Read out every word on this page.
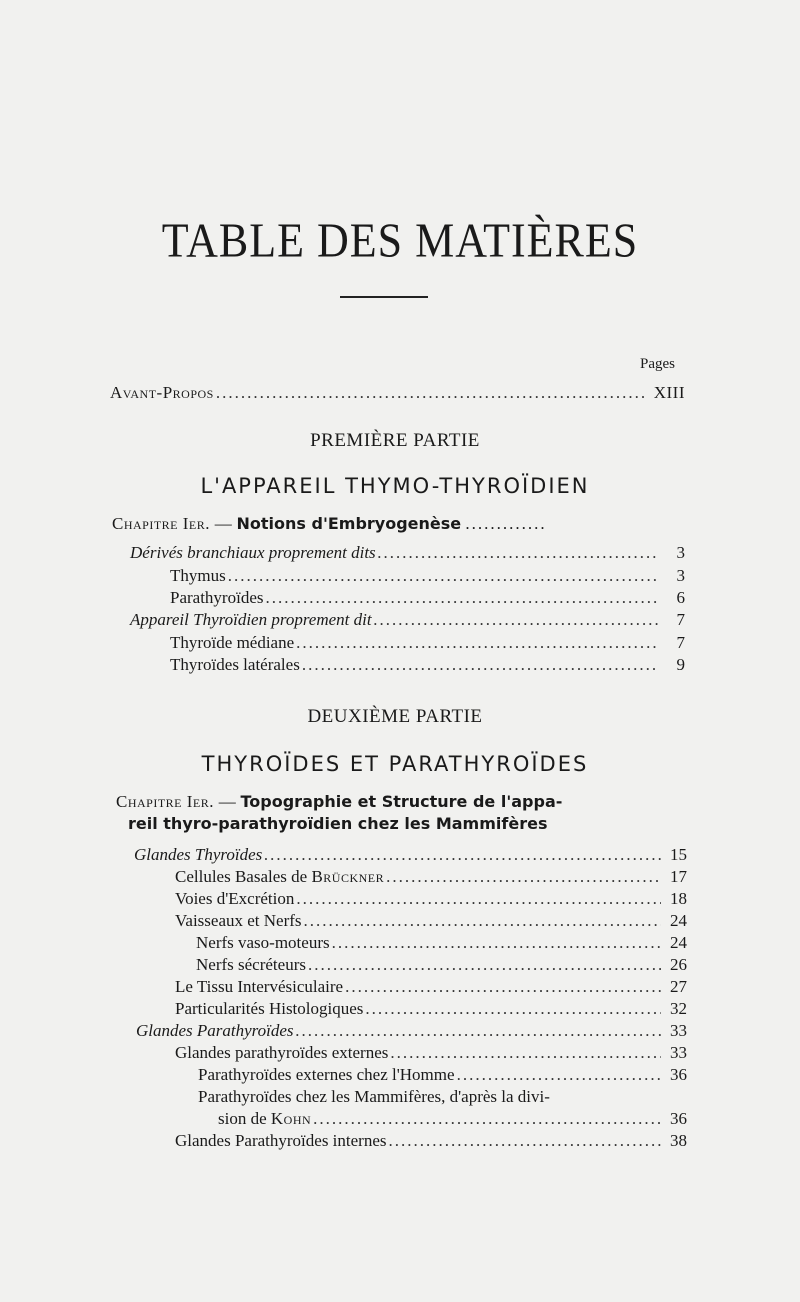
TABLE DES MATIÈRES
Pages
Avant-Propos .....	XIII
PREMIÈRE PARTIE
L'APPAREIL THYMO-THYROÏDIEN
Chapitre Ier. — Notions d'Embryogenèse .............
Dérivés branchiaux proprement dits .....	3
Thymus .....	3
Parathyroïdes .....	6
Appareil Thyroïdien proprement dit .....	7
Thyroïde médiane .....	7
Thyroïdes latérales .....	9
DEUXIÈME PARTIE
THYROÏDES ET PARATHYROÏDES
Chapitre Ier. — Topographie et Structure de l'appa-
reil thyro-parathyroïdien chez les Mammifères
Glandes Thyroïdes .....	15
Cellules Basales de Brückner .....	17
Voies d'Excrétion .....	18
Vaisseaux et Nerfs .....	24
Nerfs vaso-moteurs .....	24
Nerfs sécréteurs .....	26
Le Tissu Intervésiculaire .....	27
Particularités Histologiques .....	32
Glandes Parathyroïdes .....	33
Glandes parathyroïdes externes .....	33
Parathyroïdes externes chez l'Homme .....	36
Parathyroïdes chez les Mammifères, d'après la divi-
sion de Kohn .....	36
Glandes Parathyroïdes internes .....	38
